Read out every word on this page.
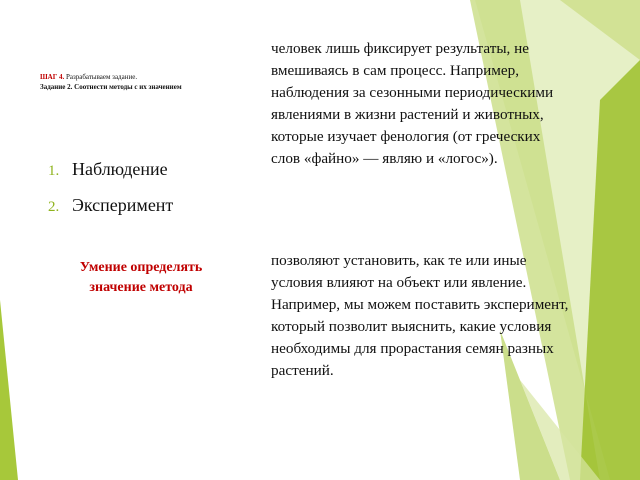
ШАГ 4. Разрабатываем задание.
Задание 2. Соотнести методы с их значением
1. Наблюдение
2. Эксперимент
Умение определять значение метода
человек лишь фиксирует результаты, не вмешиваясь в сам процесс. Например, наблюдения за сезонными периодическими явлениями в жизни растений и животных, которые изучает фенология (от греческих слов «файно» — являю и «логос»).
позволяют установить, как те или иные условия влияют на объект или явление. Например, мы можем поставить эксперимент, который позволит выяснить, какие условия необходимы для прорастания семян разных растений.
